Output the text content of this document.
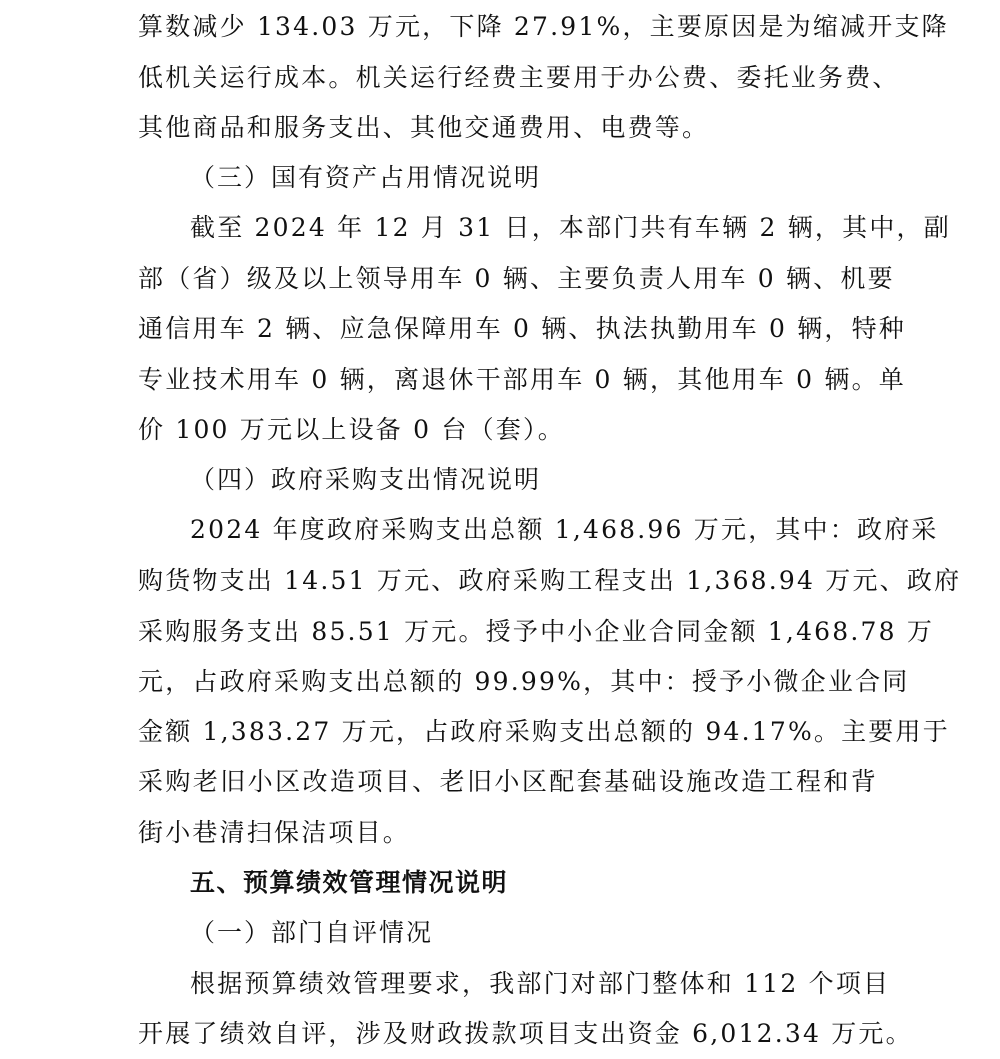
算数减少 134.03 万元，下降 27.91%，主要原因是为缩减开支降
低机关运行成本。机关运行经费主要用于办公费、委托业务费、
其他商品和服务支出、其他交通费用、电费等。
（三）国有资产占用情况说明
截至 2024 年 12 月 31 日，本部门共有车辆 2 辆，其中，副
部（省）级及以上领导用车 0 辆、主要负责人用车 0 辆、机要
通信用车 2 辆、应急保障用车 0 辆、执法执勤用车 0 辆，特种
专业技术用车 0 辆，离退休干部用车 0 辆，其他用车 0 辆。单
价 100 万元以上设备 0 台（套）。
（四）政府采购支出情况说明
2024 年度政府采购支出总额 1,468.96 万元，其中：政府采
购货物支出 14.51 万元、政府采购工程支出 1,368.94 万元、政府
采购服务支出 85.51 万元。授予中小企业合同金额 1,468.78 万
元，占政府采购支出总额的 99.99%，其中：授予小微企业合同
金额 1,383.27 万元，占政府采购支出总额的 94.17%。主要用于
采购老旧小区改造项目、老旧小区配套基础设施改造工程和背
街小巷清扫保洁项目。
五、预算绩效管理情况说明
（一）部门自评情况
根据预算绩效管理要求，我部门对部门整体和 112 个项目
开展了绩效自评，涉及财政拨款项目支出资金 6,012.34 万元。
